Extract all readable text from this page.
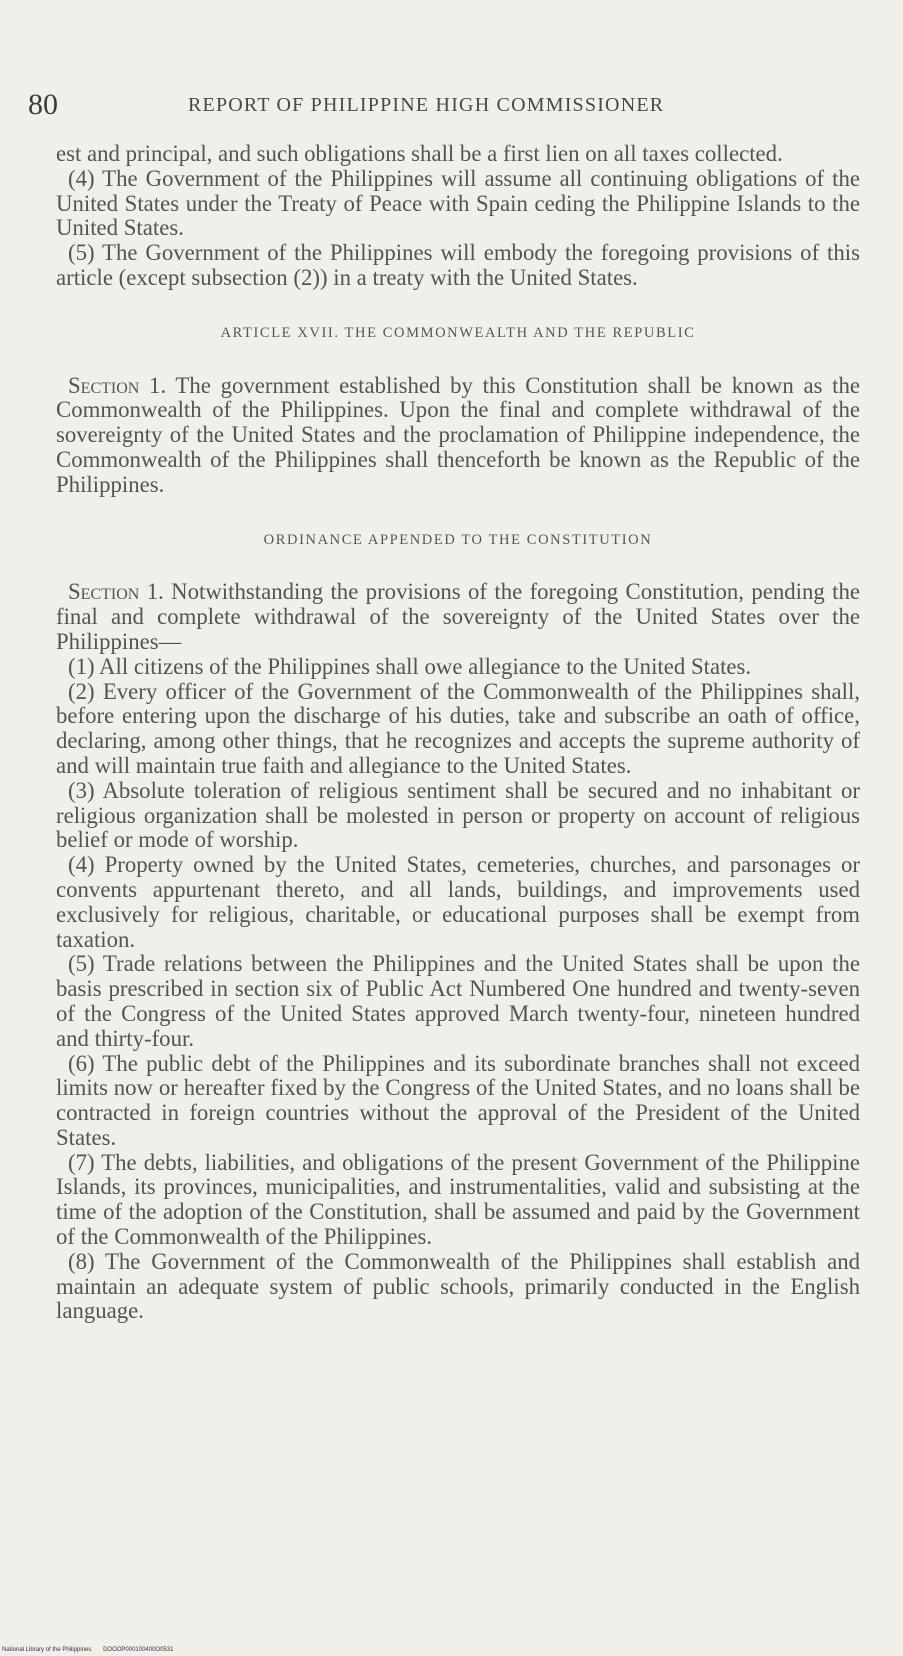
80	REPORT OF PHILIPPINE HIGH COMMISSIONER

est and principal, and such obligations shall be a first lien on all taxes collected.

(4) The Government of the Philippines will assume all continuing obligations of the United States under the Treaty of Peace with Spain ceding the Philippine Islands to the United States.

(5) The Government of the Philippines will embody the foregoing provisions of this article (except subsection (2)) in a treaty with the United States.

ARTICLE XVII. THE COMMONWEALTH AND THE REPUBLIC

Section 1. The government established by this Constitution shall be known as the Commonwealth of the Philippines. Upon the final and complete withdrawal of the sovereignty of the United States and the proclamation of Philippine independence, the Commonwealth of the Philippines shall thenceforth be known as the Republic of the Philippines.

ORDINANCE APPENDED TO THE CONSTITUTION

Section 1. Notwithstanding the provisions of the foregoing Constitution, pending the final and complete withdrawal of the sovereignty of the United States over the Philippines—

(1) All citizens of the Philippines shall owe allegiance to the United States.

(2) Every officer of the Government of the Commonwealth of the Philippines shall, before entering upon the discharge of his duties, take and subscribe an oath of office, declaring, among other things, that he recognizes and accepts the supreme authority of and will maintain true faith and allegiance to the United States.

(3) Absolute toleration of religious sentiment shall be secured and no inhabitant or religious organization shall be molested in person or property on account of religious belief or mode of worship.

(4) Property owned by the United States, cemeteries, churches, and parsonages or convents appurtenant thereto, and all lands, buildings, and improvements used exclusively for religious, charitable, or educational purposes shall be exempt from taxation.

(5) Trade relations between the Philippines and the United States shall be upon the basis prescribed in section six of Public Act Numbered One hundred and twenty-seven of the Congress of the United States approved March twenty-four, nineteen hundred and thirty-four.

(6) The public debt of the Philippines and its subordinate branches shall not exceed limits now or hereafter fixed by the Congress of the United States, and no loans shall be contracted in foreign countries without the approval of the President of the United States.

(7) The debts, liabilities, and obligations of the present Government of the Philippine Islands, its provinces, municipalities, and instrumentalities, valid and subsisting at the time of the adoption of the Constitution, shall be assumed and paid by the Government of the Commonwealth of the Philippines.

(8) The Government of the Commonwealth of the Philippines shall establish and maintain an adequate system of public schools, primarily conducted in the English language.

National Library of the Philippines DOOOP000100400O0531
